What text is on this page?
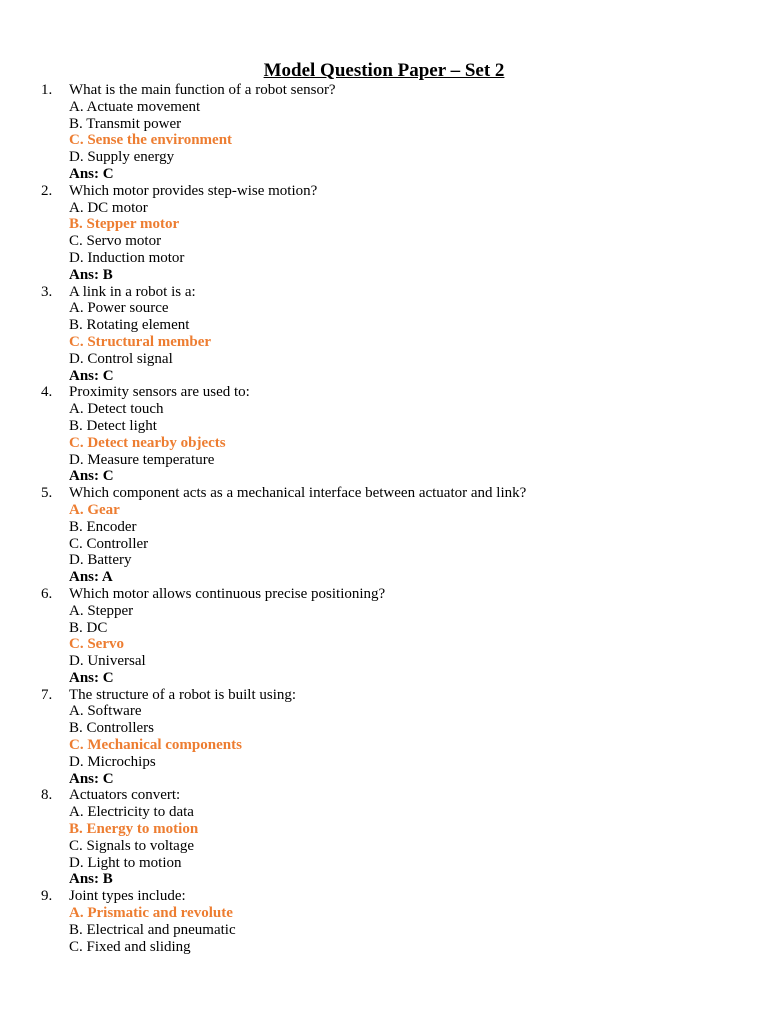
Model Question Paper – Set 2
1.	What is the main function of a robot sensor?
A. Actuate movement
B. Transmit power
C. Sense the environment
D. Supply energy
Ans: C
2.	Which motor provides step-wise motion?
A. DC motor
B. Stepper motor
C. Servo motor
D. Induction motor
Ans: B
3.	A link in a robot is a:
A. Power source
B. Rotating element
C. Structural member
D. Control signal
Ans: C
4.	Proximity sensors are used to:
A. Detect touch
B. Detect light
C. Detect nearby objects
D. Measure temperature
Ans: C
5.	Which component acts as a mechanical interface between actuator and link?
A. Gear
B. Encoder
C. Controller
D. Battery
Ans: A
6.	Which motor allows continuous precise positioning?
A. Stepper
B. DC
C. Servo
D. Universal
Ans: C
7.	The structure of a robot is built using:
A. Software
B. Controllers
C. Mechanical components
D. Microchips
Ans: C
8.	Actuators convert:
A. Electricity to data
B. Energy to motion
C. Signals to voltage
D. Light to motion
Ans: B
9.	Joint types include:
A. Prismatic and revolute
B. Electrical and pneumatic
C. Fixed and sliding
